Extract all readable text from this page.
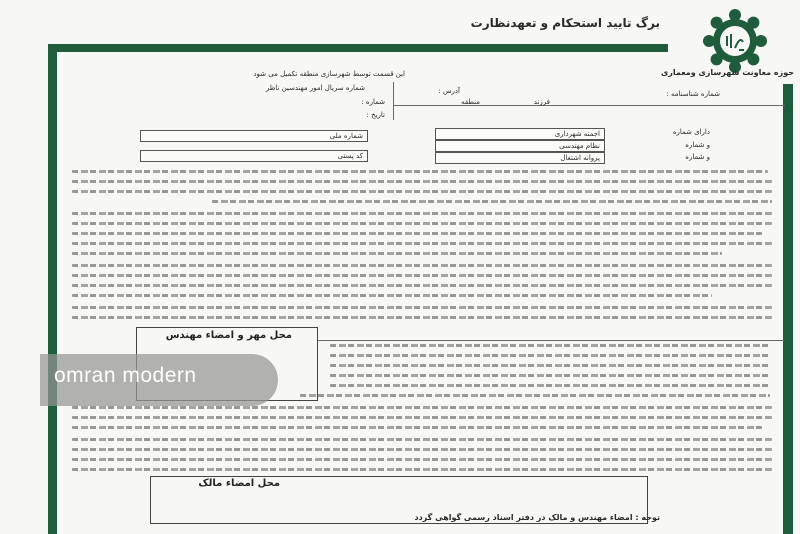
برگ تایید استحکام و تعهدنظارت
حوزه معاونت شهرسازی ومعماری
این قسمت توسط شهرسازی منطقه تکمیل می شود
شماره سریال امور مهندسین ناظر
شماره :
تاریخ :
شماره شناسنامه :
فرزند
منطقه
آدرس :
دارای شماره
و شماره
و شماره
اجمنه شهرداری
نظام مهندسی
پروانه اشتغال
شماره ملی
کد پستی
محل مهر و امضاء مهندس
محل امضاء مالک
توجه : امضاء مهندس و مالک در دفتر اسناد رسمی گواهی گردد
omran modern
